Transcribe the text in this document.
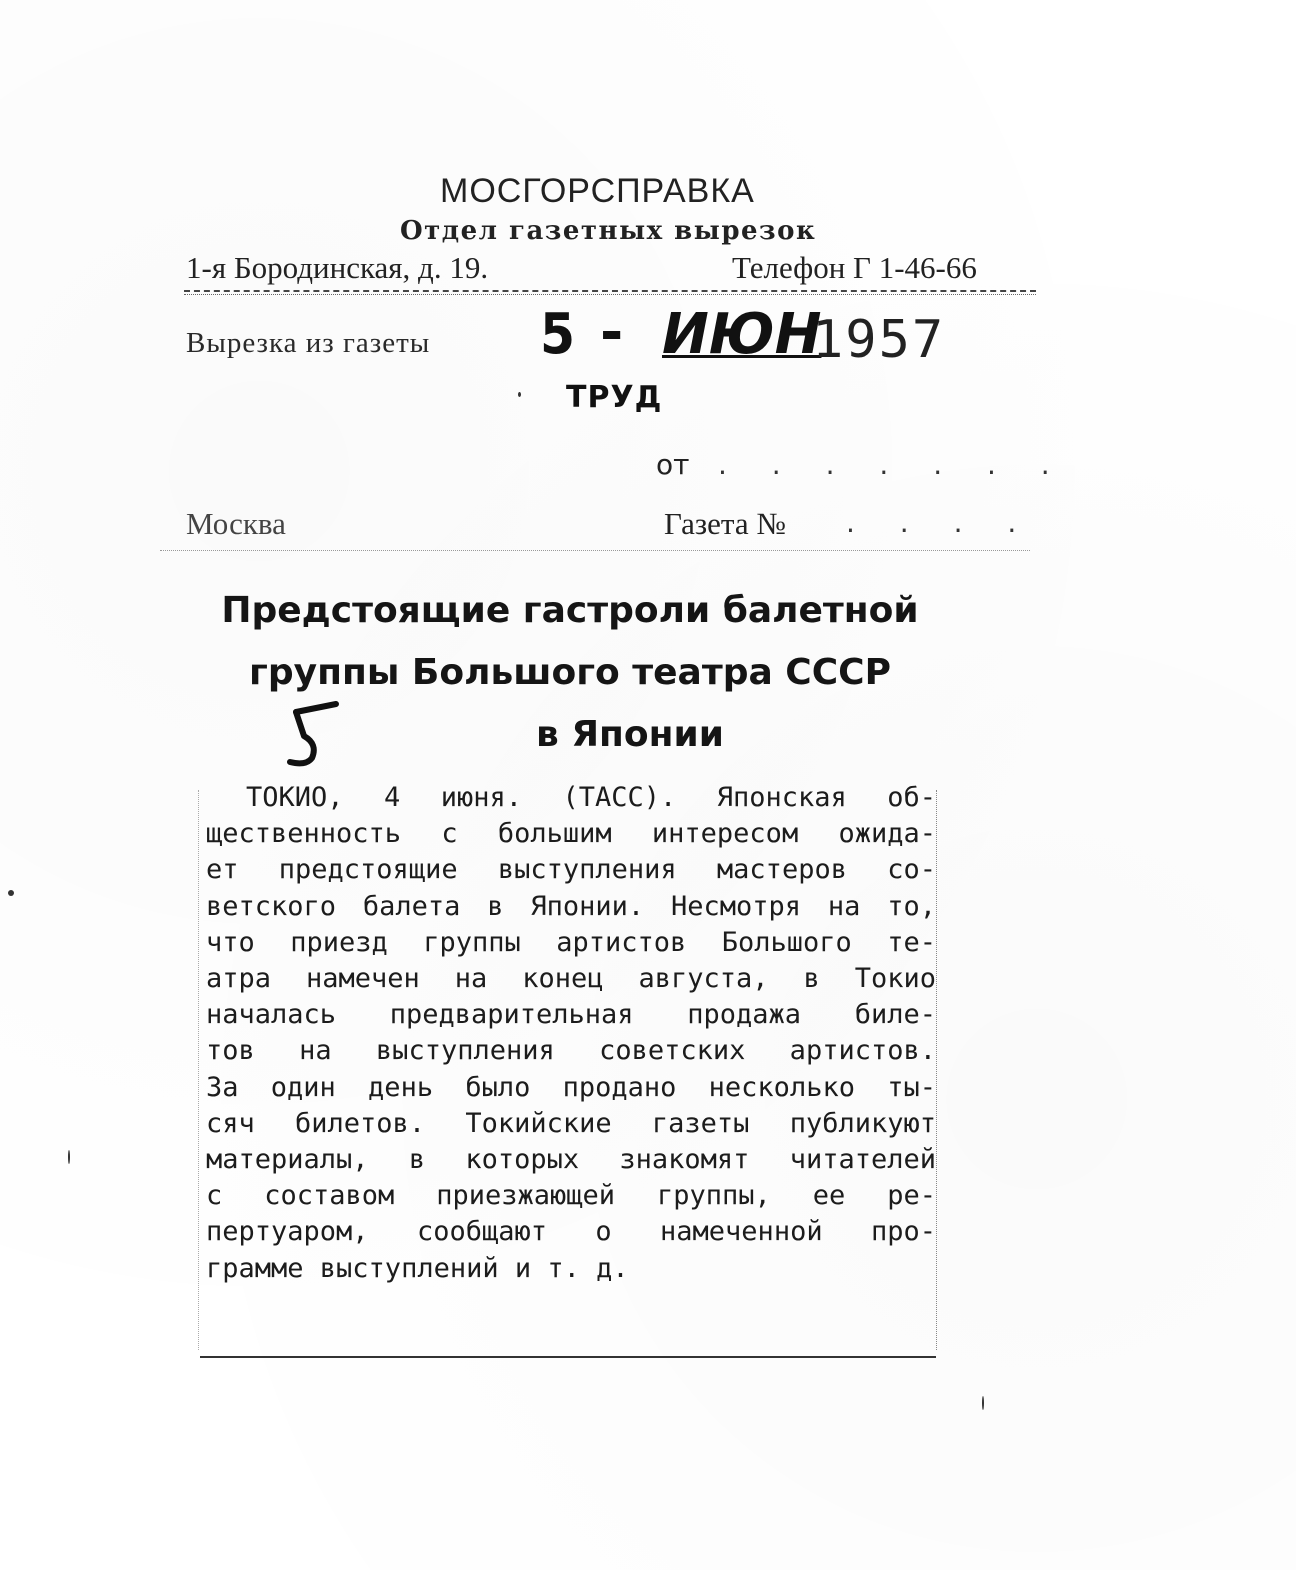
МОСГОРСПРАВКА
Отдел газетных вырезок
1-я Бородинская, д. 19.	Телефон Г 1-46-66
Вырезка из газеты 5 - ИЮН
1957
ТРУД
от . . . . . . .
Москва	Газета № . . . .
Предстоящие гастроли балетной
группы Большого театра СССР
в Японии
ТОКИО, 4 июня. (ТАСС). Японская об-
щественность с большим интересом ожида-
ет предстоящие выступления мастеров со-
ветского балета в Японии. Несмотря на то,
что приезд группы артистов Большого те-
атра намечен на конец августа, в Токио
началась предварительная продажа биле-
тов на выступления советских артистов.
За один день было продано несколько ты-
сяч билетов. Токийские газеты публикуют
материалы, в которых знакомят читателей
с составом приезжающей группы, ее ре-
пертуаром, сообщают о намеченной про-
грамме выступлений и т. д.
